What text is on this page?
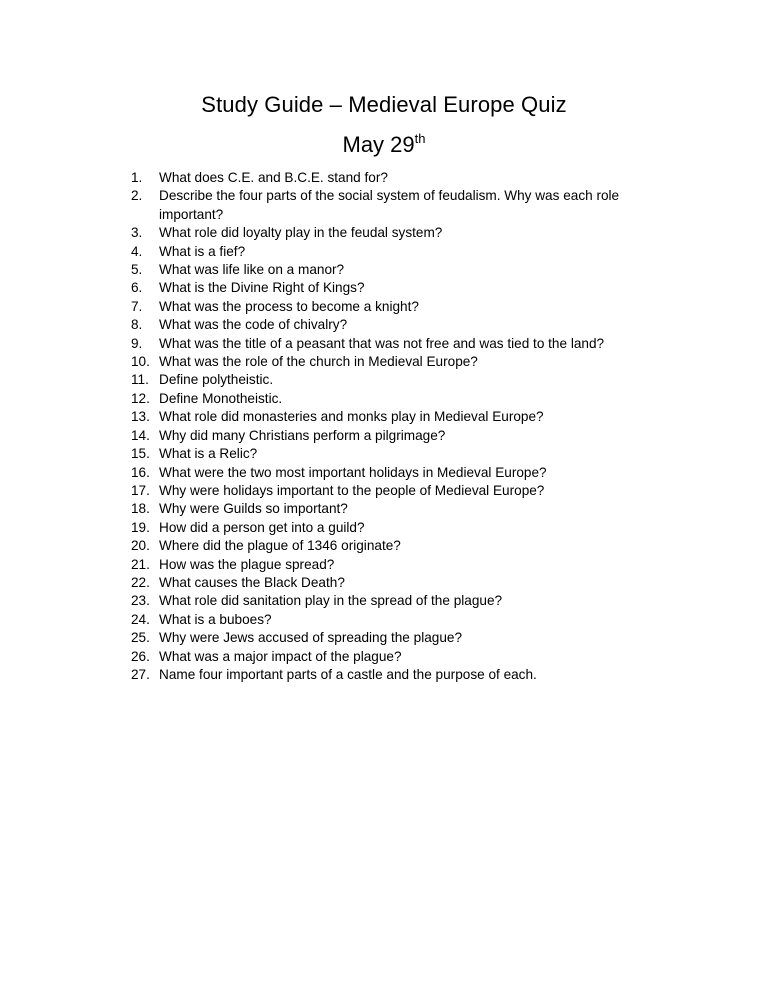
Study Guide – Medieval Europe Quiz
May 29th
1. What does C.E. and B.C.E. stand for?
2. Describe the four parts of the social system of feudalism. Why was each role important?
3. What role did loyalty play in the feudal system?
4. What is a fief?
5. What was life like on a manor?
6. What is the Divine Right of Kings?
7. What was the process to become a knight?
8. What was the code of chivalry?
9. What was the title of a peasant that was not free and was tied to the land?
10. What was the role of the church in Medieval Europe?
11. Define polytheistic.
12. Define Monotheistic.
13. What role did monasteries and monks play in Medieval Europe?
14. Why did many Christians perform a pilgrimage?
15. What is a Relic?
16. What were the two most important holidays in Medieval Europe?
17. Why were holidays important to the people of Medieval Europe?
18. Why were Guilds so important?
19. How did a person get into a guild?
20. Where did the plague of 1346 originate?
21. How was the plague spread?
22. What causes the Black Death?
23. What role did sanitation play in the spread of the plague?
24. What is a buboes?
25. Why were Jews accused of spreading the plague?
26. What was a major impact of the plague?
27. Name four important parts of a castle and the purpose of each.
